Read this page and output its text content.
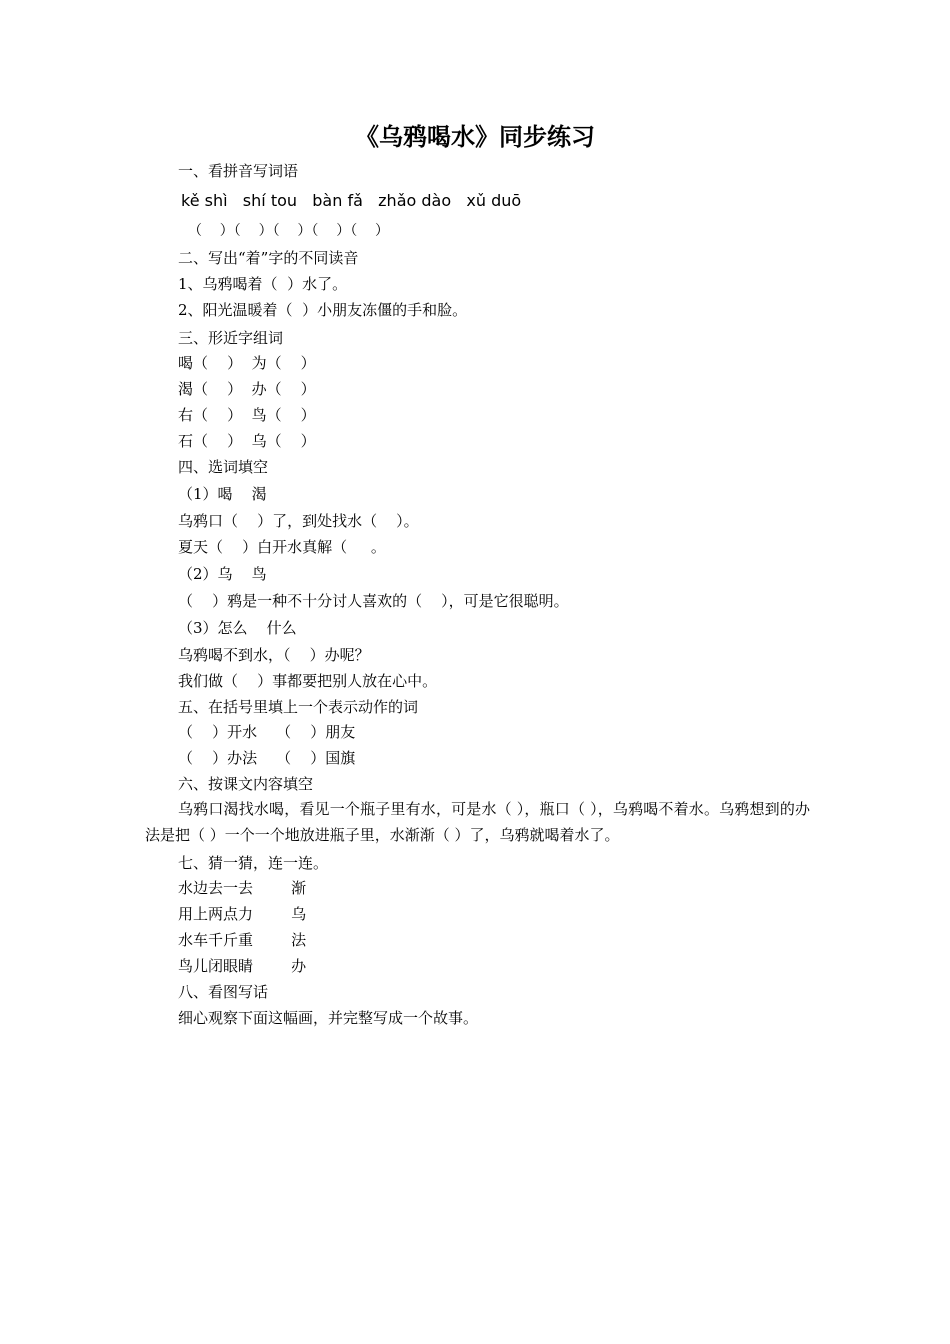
《乌鸦喝水》同步练习
一、看拼音写词语
kě shì   shí tou   bàn fǎ   zhǎo dào   xǔ duō
（    ）（    ）（    ）（    ）（    ）
二、写出“着”字的不同读音
1、乌鸦喝着（  ）水了。
2、阳光温暖着（  ）小朋友冻僵的手和脸。
三、形近字组词
喝（    ）  为（    ）
渴（    ）  办（    ）
右（    ）  鸟（    ）
石（    ）  乌（    ）
四、选词填空
（1）喝    渴
乌鸦口（    ）了，到处找水（    ）。
夏天（    ）白开水真解（     。
（2）乌    鸟
（    ）鸦是一种不十分讨人喜欢的（    ），可是它很聪明。
（3）怎么    什么
乌鸦喝不到水，（    ）办呢？
我们做（    ）事都要把别人放在心中。
五、在括号里填上一个表示动作的词
（    ）开水    （    ）朋友
（    ）办法    （    ）国旗
六、按课文内容填空
乌鸦口渴找水喝，看见一个瓶子里有水，可是水（ ），瓶口（ ），乌鸦喝不着水。乌鸦想到的办法是把（ ）一个一个地放进瓶子里，水渐渐（ ）了，乌鸦就喝着水了。
七、猜一猜，连一连。
水边去一去        渐
用上两点力        乌
水车千斤重        法
鸟儿闭眼睛        办
八、看图写话
细心观察下面这幅画，并完整写成一个故事。
